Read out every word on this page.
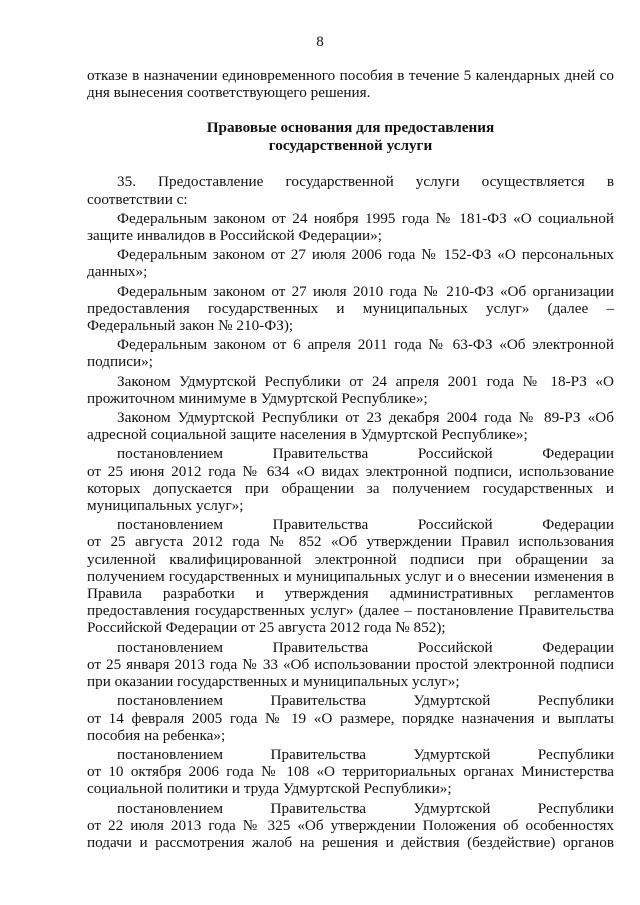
8
отказе в назначении единовременного пособия в течение 5 календарных дней со
дня вынесения соответствующего решения.
Правовые основания для предоставления
государственной услуги
35. Предоставление государственной услуги осуществляется в
соответствии с:
Федеральным законом от 24 ноября 1995 года № 181-ФЗ «О социальной
защите инвалидов в Российской Федерации»;
Федеральным законом от 27 июля 2006 года № 152-ФЗ «О персональных
данных»;
Федеральным законом от 27 июля 2010 года № 210-ФЗ «Об организации
предоставления государственных и муниципальных услуг» (далее –
Федеральный закон № 210-ФЗ);
Федеральным законом от 6 апреля 2011 года № 63-ФЗ «Об электронной
подписи»;
Законом Удмуртской Республики от 24 апреля 2001 года № 18-РЗ «О
прожиточном минимуме в Удмуртской Республике»;
Законом Удмуртской Республики от 23 декабря 2004 года № 89-РЗ «Об
адресной социальной защите населения в Удмуртской Республике»;
постановлением Правительства Российской Федерации
от 25 июня 2012 года № 634 «О видах электронной подписи, использование
которых допускается при обращении за получением государственных и
муниципальных услуг»;
постановлением Правительства Российской Федерации
от 25 августа 2012 года № 852 «Об утверждении Правил использования
усиленной квалифицированной электронной подписи при обращении за
получением государственных и муниципальных услуг и о внесении изменения в
Правила разработки и утверждения административных регламентов
предоставления государственных услуг» (далее – постановление Правительства
Российской Федерации от 25 августа 2012 года № 852);
постановлением Правительства Российской Федерации
от 25 января 2013 года № 33 «Об использовании простой электронной подписи
при оказании государственных и муниципальных услуг»;
постановлением Правительства Удмуртской Республики
от 14 февраля 2005 года № 19 «О размере, порядке назначения и выплаты
пособия на ребенка»;
постановлением Правительства Удмуртской Республики
от 10 октября 2006 года № 108 «О территориальных органах Министерства
социальной политики и труда Удмуртской Республики»;
постановлением Правительства Удмуртской Республики
от 22 июля 2013 года № 325 «Об утверждении Положения об особенностях
подачи и рассмотрения жалоб на решения и действия (бездействие) органов
